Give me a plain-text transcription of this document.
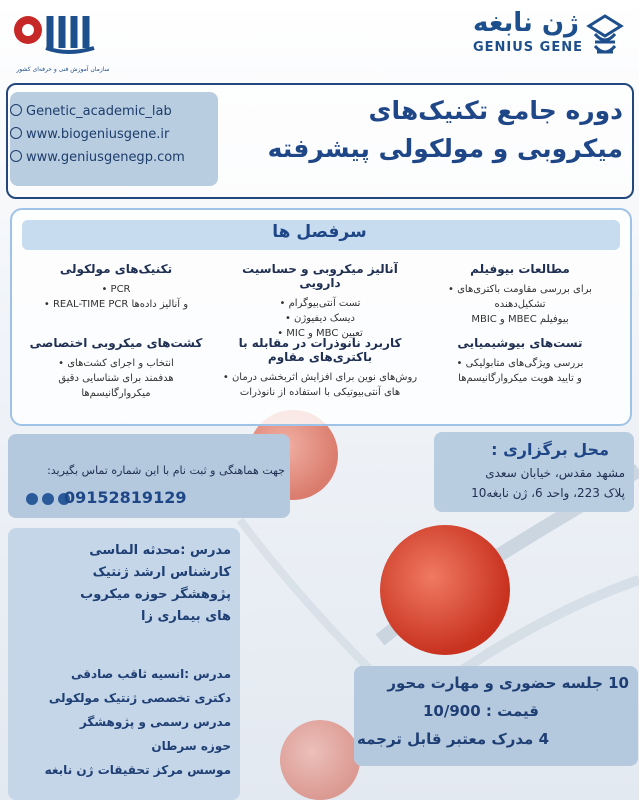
سازمان آموزش فنی و حرفه‌ای کشور
ژن نابغه
GENIUS GENE
Genetic_academic_lab
www.biogeniusgene.ir
www.geniusgenegp.com
دوره جامع تکنیک‌های
میکروبی و مولکولی پیشرفته
سرفصل ها
مطالعات بیوفیلم
برای بررسی مقاومت باکتری‌های •
تشکیل‌دهنده
بیوفیلم MBEC و MBIC
آنالیز میکروبی و حساسیت دارویی
تست آنتی‌بیوگرام •
دیسک دیفیوژن •
تعیین MBC و MIC •
تکنیک‌های مولکولی
PCR •
و آنالیز داده‌ها REAL-TIME PCR •
تست‌های بیوشیمیایی
بررسی ویژگی‌های متابولیکی •
و تایید هویت میکروارگانیسم‌ها
کاربرد نانوذرات در مقابله با باکتری‌های مقاوم
روش‌های نوین برای افزایش اثربخشی درمان •
های آنتی‌بیوتیکی با استفاده از نانوذرات
کشت‌های میکروبی اختصاصی
انتخاب و اجرای کشت‌های •
هدفمند برای شناسایی دقیق
میکروارگانیسم‌ها
محل برگزاری :
مشهد مقدس، خیابان سعدی
پلاک 223، واحد 6، ژن نابغه10
جهت هماهنگی و ثبت نام با این شماره تماس بگیرید:
09152819129
مدرس :محدثه الماسی
کارشناس ارشد ژنتیک
پژوهشگر حوزه میکروب
های بیماری زا
مدرس :انسیه ثاقب صادقی
دکتری تخصصی ژنتیک مولکولی
مدرس رسمی و پژوهشگر
حوزه سرطان
موسس مرکز تحقیقات ژن نابغه
10 جلسه حضوری و مهارت محور
قیمت : 10/900
4 مدرک معتبر قابل ترجمه
